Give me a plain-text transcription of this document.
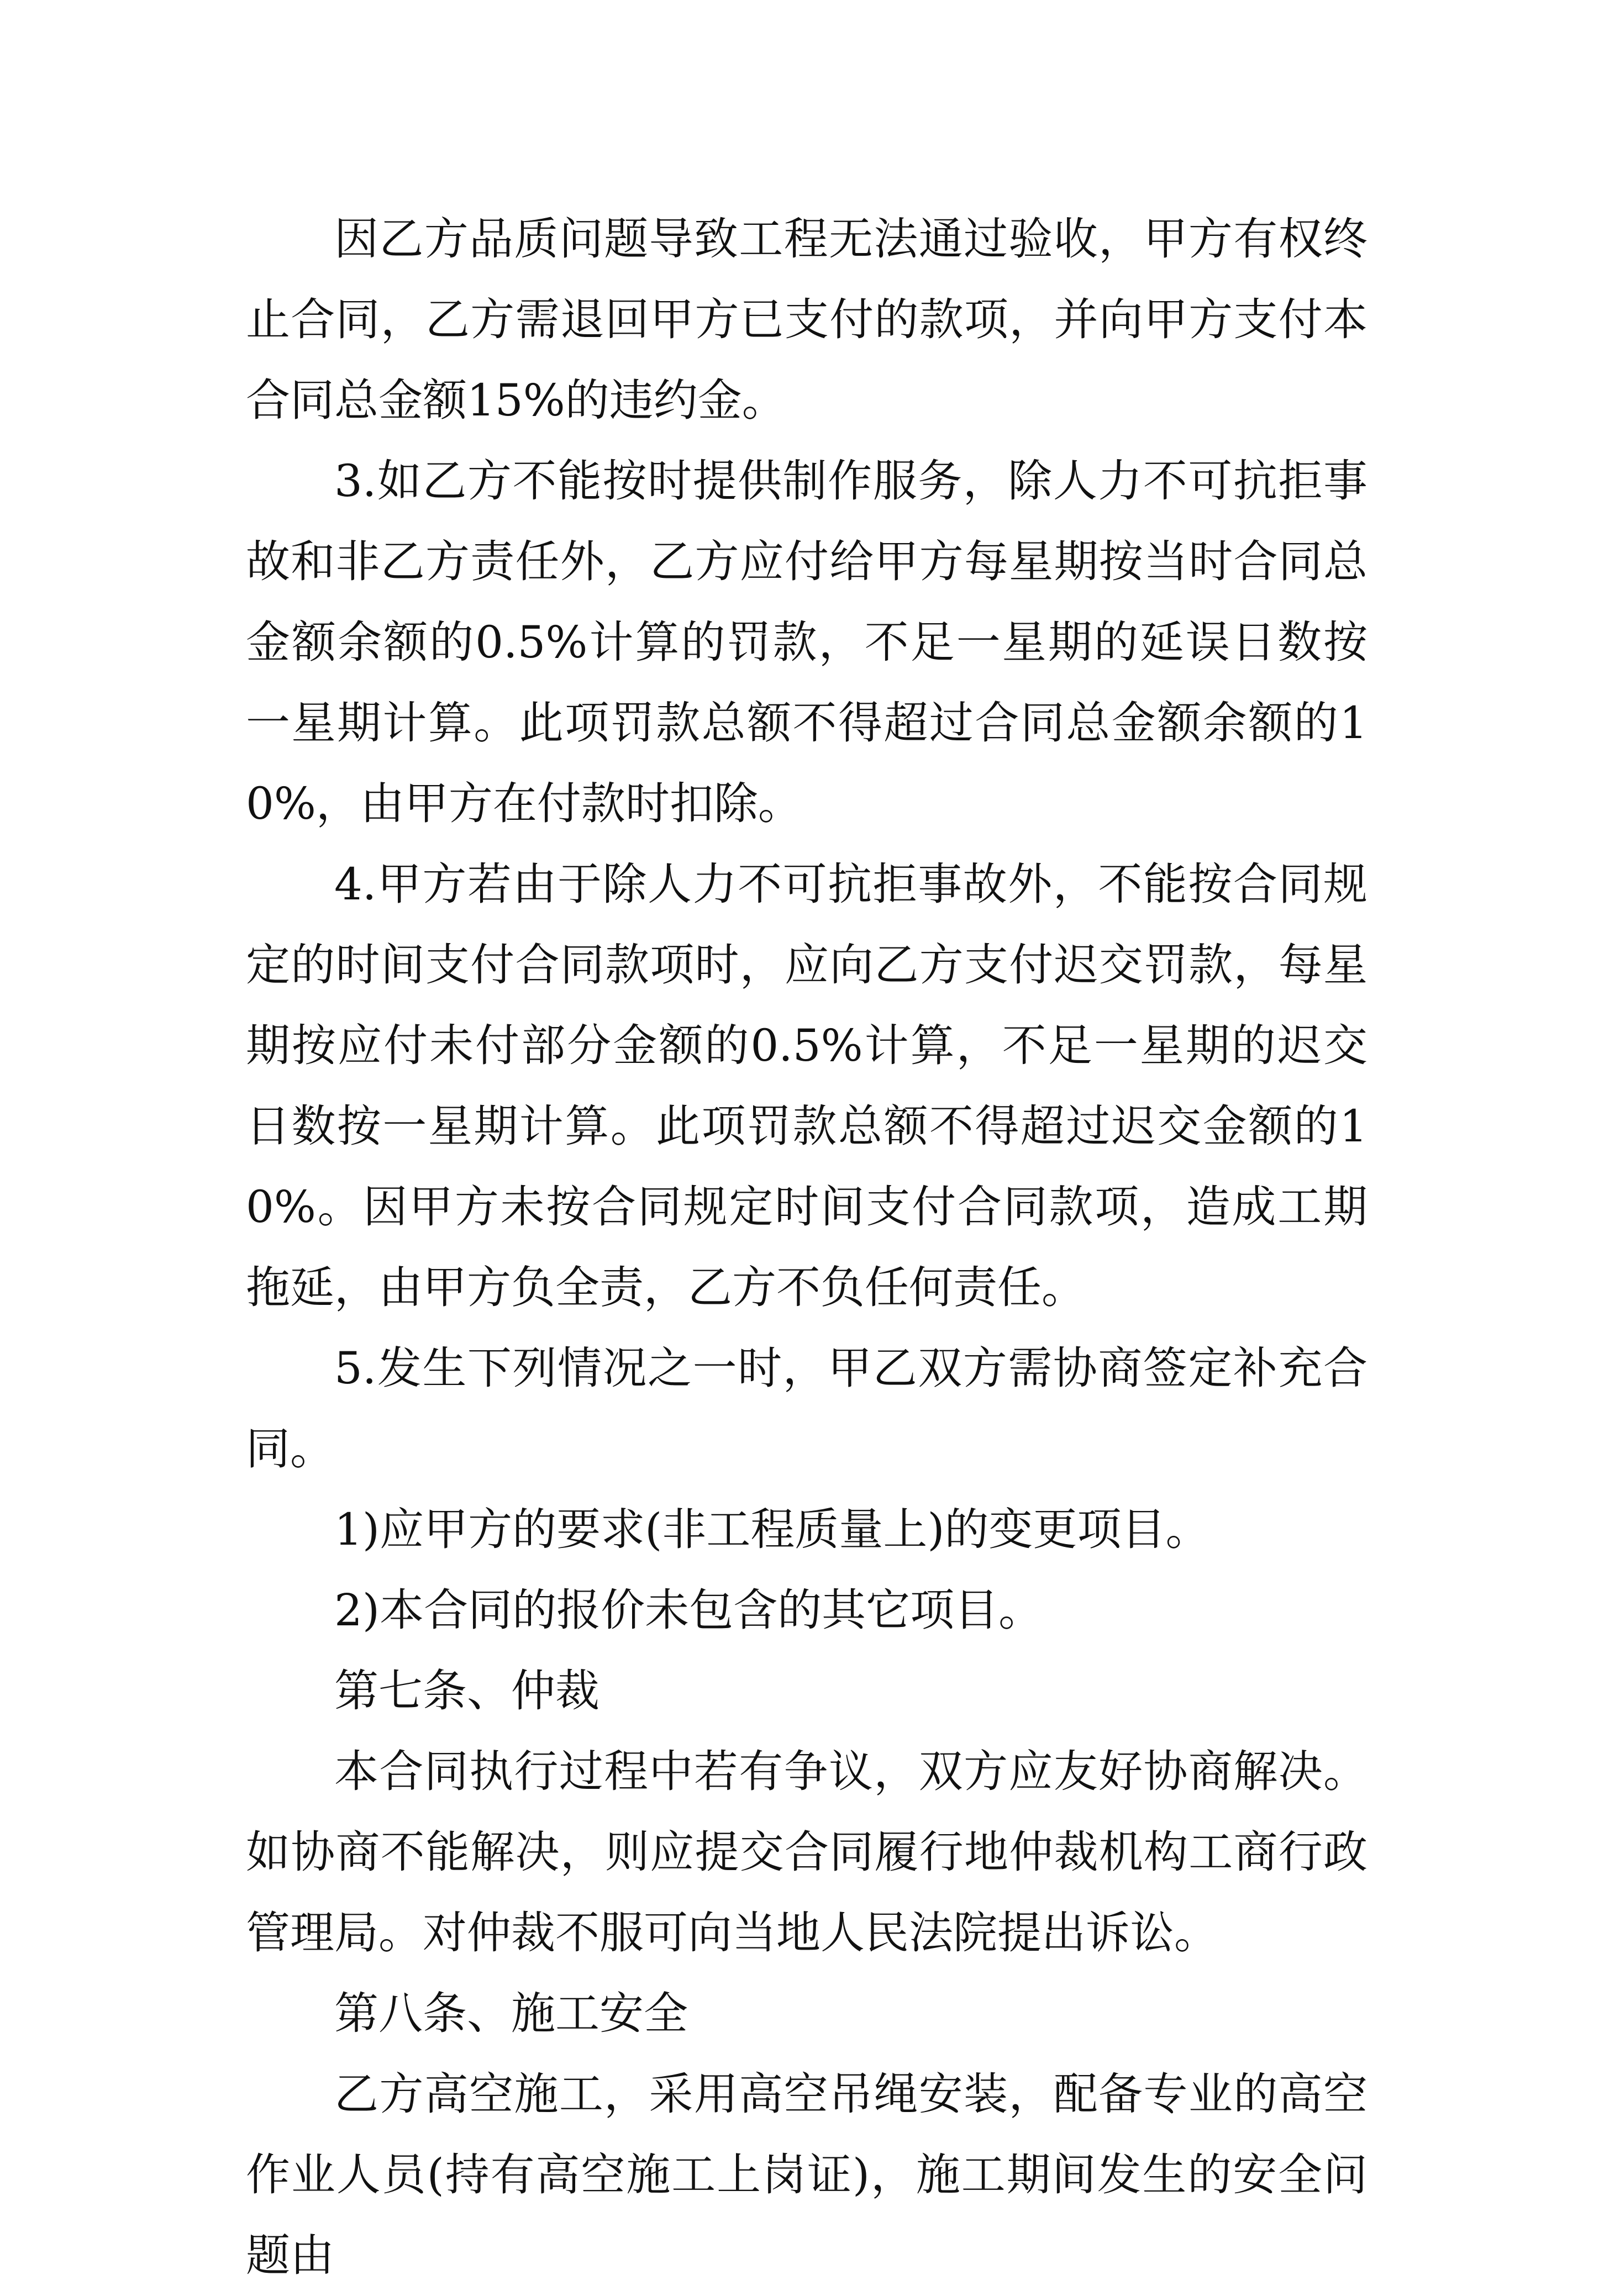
因乙方品质问题导致工程无法通过验收，甲方有权终止合同，乙方需退回甲方已支付的款项，并向甲方支付本合同总金额15%的违约金。

3.如乙方不能按时提供制作服务，除人力不可抗拒事故和非乙方责任外，乙方应付给甲方每星期按当时合同总金额余额的0.5%计算的罚款，不足一星期的延误日数按一星期计算。此项罚款总额不得超过合同总金额余额的10%，由甲方在付款时扣除。

4.甲方若由于除人力不可抗拒事故外，不能按合同规定的时间支付合同款项时，应向乙方支付迟交罚款，每星期按应付未付部分金额的0.5%计算，不足一星期的迟交日数按一星期计算。此项罚款总额不得超过迟交金额的10%。因甲方未按合同规定时间支付合同款项，造成工期拖延，由甲方负全责，乙方不负任何责任。

5.发生下列情况之一时，甲乙双方需协商签定补充合同。

1)应甲方的要求(非工程质量上)的变更项目。

2)本合同的报价未包含的其它项目。

第七条、仲裁

本合同执行过程中若有争议，双方应友好协商解决。如协商不能解决，则应提交合同履行地仲裁机构工商行政管理局。对仲裁不服可向当地人民法院提出诉讼。

第八条、施工安全

乙方高空施工，采用高空吊绳安装，配备专业的高空作业人员(持有高空施工上岗证)，施工期间发生的安全问题由
